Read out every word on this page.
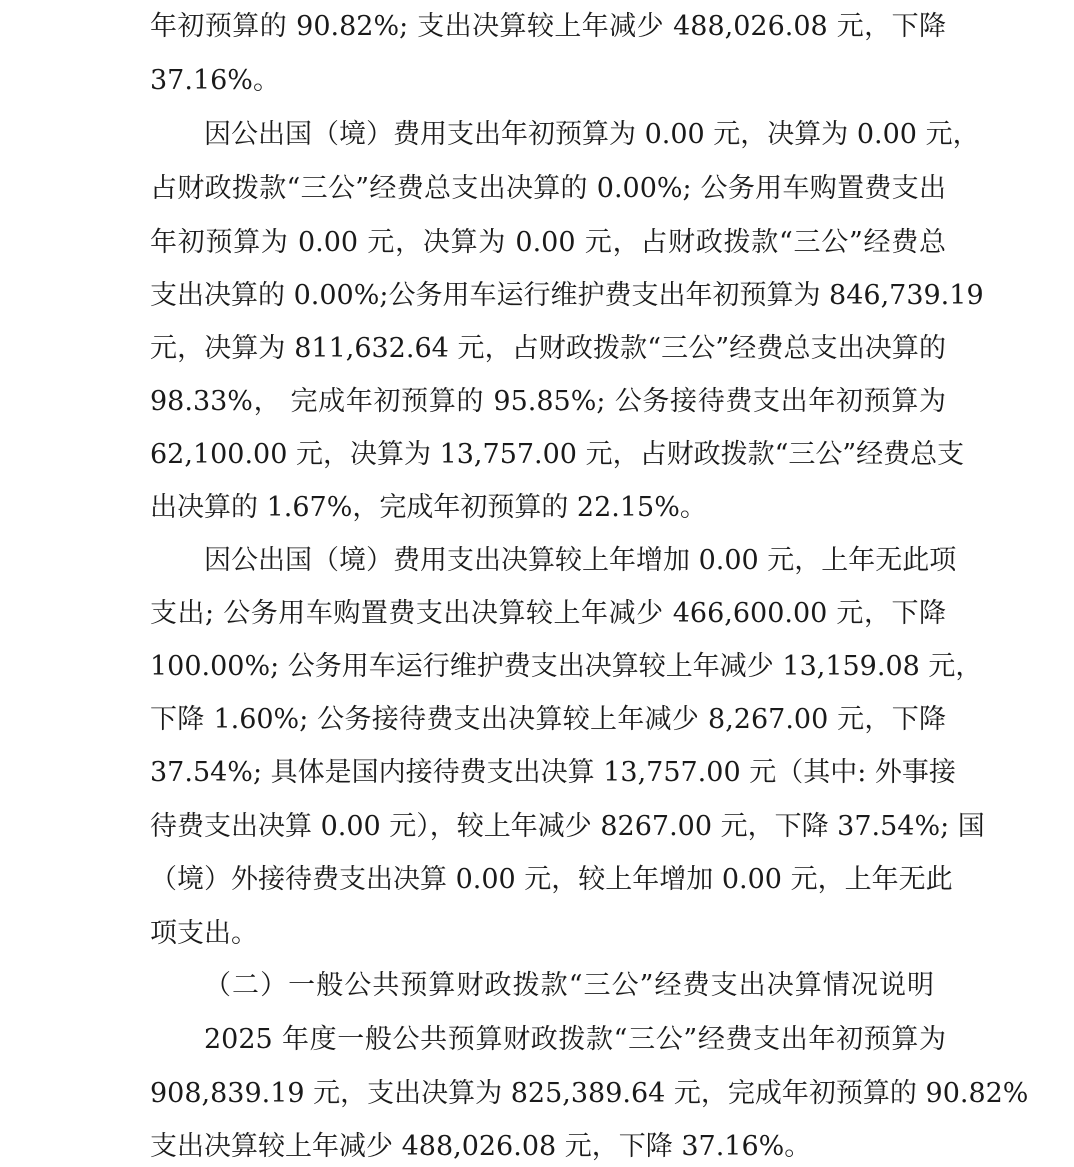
年初预算的 90.82%; 支出决算较上年减少 488,026.08 元，下降
37.16%。
因公出国（境）费用支出年初预算为 0.00 元，决算为 0.00 元，
占财政拨款“三公”经费总支出决算的 0.00%; 公务用车购置费支出
年初预算为 0.00 元，决算为 0.00 元，占财政拨款“三公”经费总
支出决算的 0.00%;公务用车运行维护费支出年初预算为 846,739.19
元，决算为 811,632.64 元，占财政拨款“三公”经费总支出决算的
98.33%， 完成年初预算的 95.85%; 公务接待费支出年初预算为
62,100.00 元，决算为 13,757.00 元，占财政拨款“三公”经费总支
出决算的 1.67%，完成年初预算的 22.15%。
因公出国（境）费用支出决算较上年增加 0.00 元，上年无此项
支出; 公务用车购置费支出决算较上年减少 466,600.00 元，下降
100.00%; 公务用车运行维护费支出决算较上年减少 13,159.08 元，
下降 1.60%; 公务接待费支出决算较上年减少 8,267.00 元，下降
37.54%; 具体是国内接待费支出决算 13,757.00 元（其中: 外事接
待费支出决算 0.00 元），较上年减少 8267.00 元，下降 37.54%; 国
（境）外接待费支出决算 0.00 元，较上年增加 0.00 元，上年无此
项支出。
（二）一般公共预算财政拨款“三公”经费支出决算情况说明
2025 年度一般公共预算财政拨款“三公”经费支出年初预算为
908,839.19 元，支出决算为 825,389.64 元，完成年初预算的 90.82%
支出决算较上年减少 488,026.08 元，下降 37.16%。
